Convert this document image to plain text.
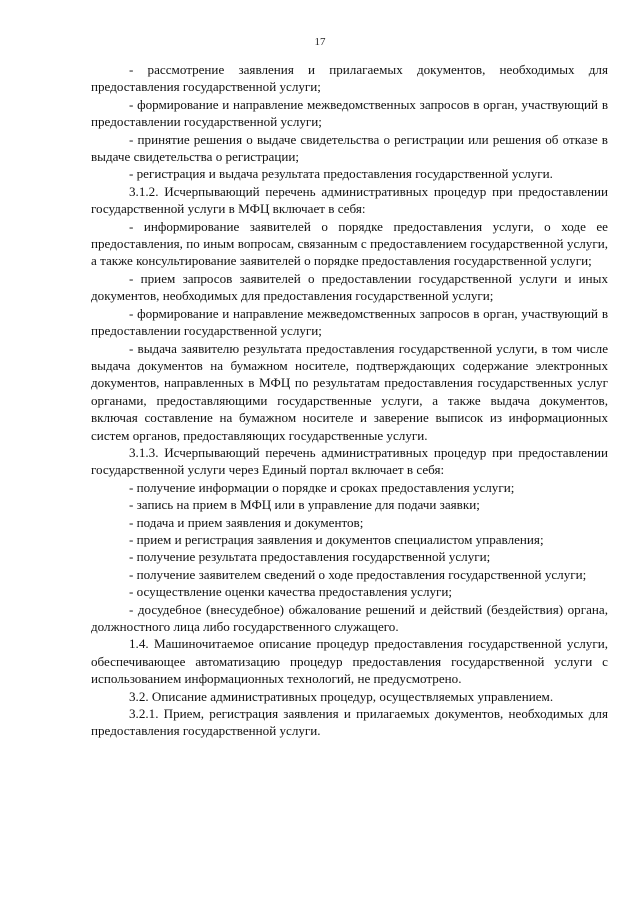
17

- рассмотрение заявления и прилагаемых документов, необходимых для предоставления государственной услуги;

- формирование и направление межведомственных запросов в орган, участвующий в предоставлении государственной услуги;

- принятие решения о выдаче свидетельства о регистрации или решения об отказе в выдаче свидетельства о регистрации;

- регистрация и выдача результата предоставления государственной услуги.

3.1.2. Исчерпывающий перечень административных процедур при предоставлении государственной услуги в МФЦ включает в себя:

- информирование заявителей о порядке предоставления услуги, о ходе ее предоставления, по иным вопросам, связанным с предоставлением государственной услуги, а также консультирование заявителей о порядке предоставления государственной услуги;

- прием запросов заявителей о предоставлении государственной услуги и иных документов, необходимых для предоставления государственной услуги;

- формирование и направление межведомственных запросов в орган, участвующий в предоставлении государственной услуги;

- выдача заявителю результата предоставления государственной услуги, в том числе выдача документов на бумажном носителе, подтверждающих содержание электронных документов, направленных в МФЦ по результатам предоставления государственных услуг органами, предоставляющими государственные услуги, а также выдача документов, включая составление на бумажном носителе и заверение выписок из информационных систем органов, предоставляющих государственные услуги.

3.1.3. Исчерпывающий перечень административных процедур при предоставлении государственной услуги через Единый портал включает в себя:

- получение информации о порядке и сроках предоставления услуги;

- запись на прием в МФЦ или в управление для подачи заявки;

- подача и прием заявления и документов;

- прием и регистрация заявления и документов специалистом управления;

- получение результата предоставления государственной услуги;

- получение заявителем сведений о ходе предоставления государственной услуги;

- осуществление оценки качества предоставления услуги;

- досудебное (внесудебное) обжалование решений и действий (бездействия) органа, должностного лица либо государственного служащего.

1.4. Машиночитаемое описание процедур предоставления государственной услуги, обеспечивающее автоматизацию процедур предоставления государственной услуги с использованием информационных технологий, не предусмотрено.

3.2. Описание административных процедур, осуществляемых управлением.

3.2.1. Прием, регистрация заявления и прилагаемых документов, необходимых для предоставления государственной услуги.
